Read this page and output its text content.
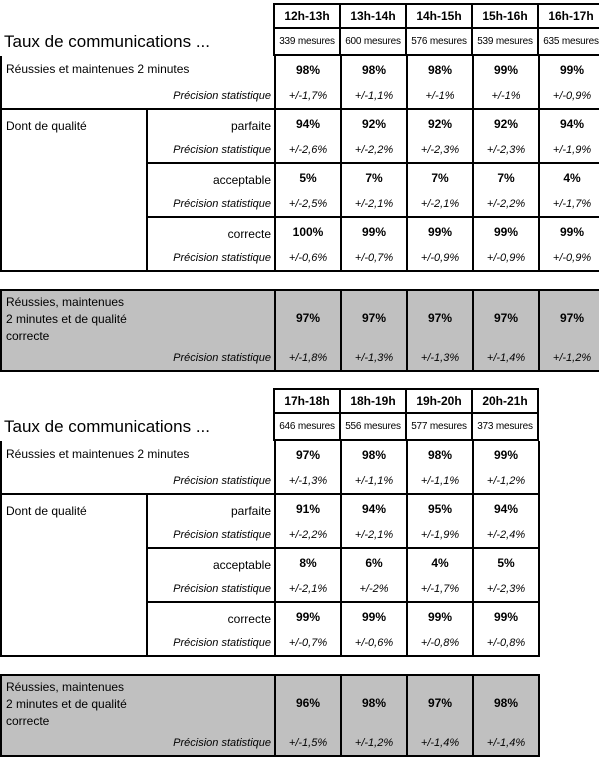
Taux de communications ...	12h-13h	13h-14h	14h-15h	15h-16h	16h-17h
	339 mesures	600 mesures	576 mesures	539 mesures	635 mesures
Réussies et maintenues 2 minutes		98%	98%	98%	99%	99%
Précision statistique		+/-1,7%	+/-1,1%	+/-1%	+/-1%	+/-0,9%
Dont de qualité	parfaite	94%	92%	92%	92%	94%
	Précision statistique	+/-2,6%	+/-2,2%	+/-2,3%	+/-2,3%	+/-1,9%
	acceptable	5%	7%	7%	7%	4%
	Précision statistique	+/-2,5%	+/-2,1%	+/-2,1%	+/-2,2%	+/-1,7%
	correcte	100%	99%	99%	99%	99%
	Précision statistique	+/-0,6%	+/-0,7%	+/-0,9%	+/-0,9%	+/-0,9%
Réussies, maintenues 2 minutes et de qualité correcte	97%	97%	97%	97%	97%
Précision statistique	+/-1,8%	+/-1,3%	+/-1,3%	+/-1,4%	+/-1,2%
Taux de communications ...	17h-18h	18h-19h	19h-20h	20h-21h
	646 mesures	556 mesures	577 mesures	373 mesures
Réussies et maintenues 2 minutes		97%	98%	98%	99%
Précision statistique		+/-1,3%	+/-1,1%	+/-1,1%	+/-1,2%
Dont de qualité	parfaite	91%	94%	95%	94%
	Précision statistique	+/-2,2%	+/-2,1%	+/-1,9%	+/-2,4%
	acceptable	8%	6%	4%	5%
	Précision statistique	+/-2,1%	+/-2%	+/-1,7%	+/-2,3%
	correcte	99%	99%	99%	99%
	Précision statistique	+/-0,7%	+/-0,6%	+/-0,8%	+/-0,8%
Réussies, maintenues 2 minutes et de qualité correcte	96%	98%	97%	98%
Précision statistique	+/-1,5%	+/-1,2%	+/-1,4%	+/-1,4%
